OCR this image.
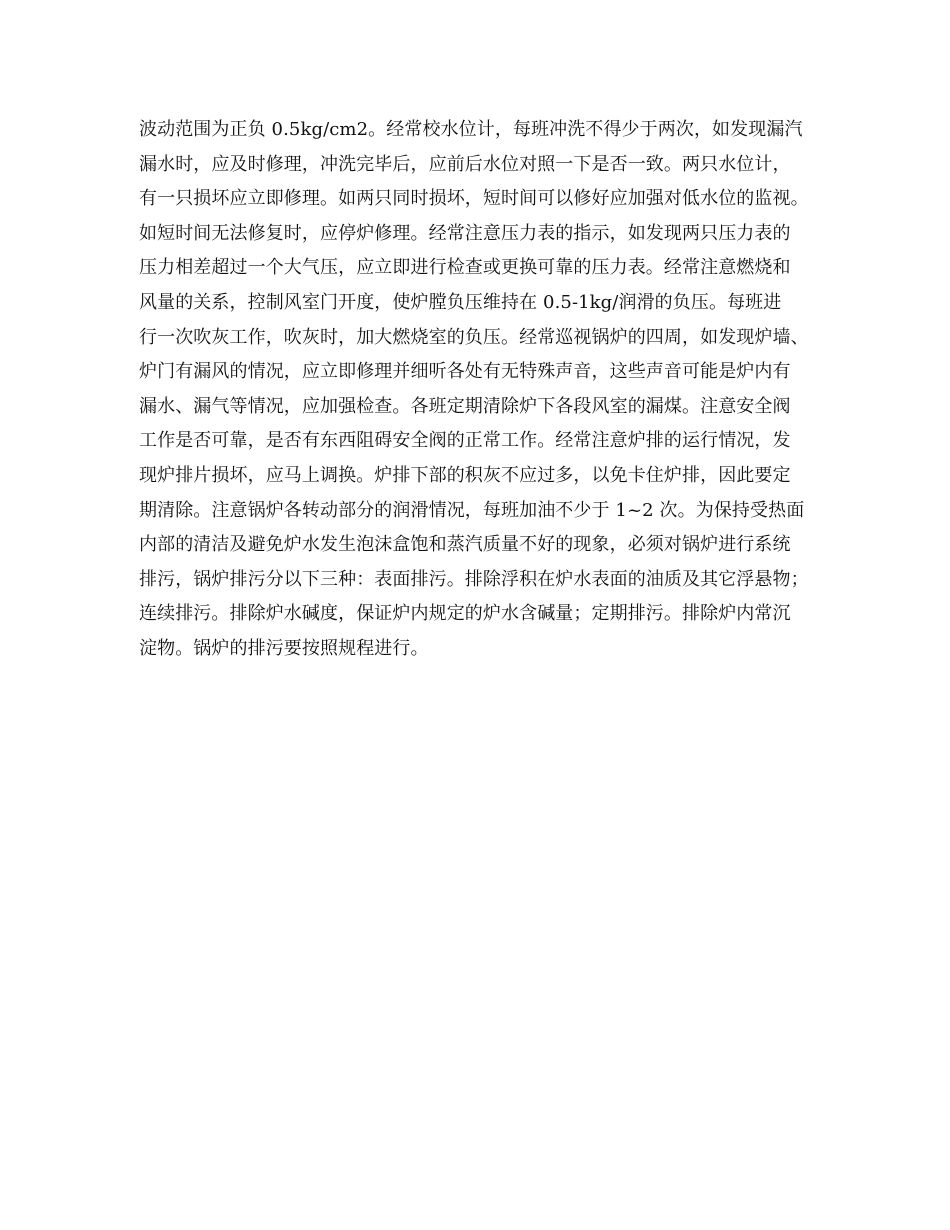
波动范围为正负 0.5kg/cm2。经常校水位计，每班冲洗不得少于两次，如发现漏汽
漏水时，应及时修理，冲洗完毕后，应前后水位对照一下是否一致。两只水位计，
有一只损坏应立即修理。如两只同时损坏，短时间可以修好应加强对低水位的监视。
如短时间无法修复时，应停炉修理。经常注意压力表的指示，如发现两只压力表的
压力相差超过一个大气压，应立即进行检查或更换可靠的压力表。经常注意燃烧和
风量的关系，控制风室门开度，使炉膛负压维持在 0.5-1kg/润滑的负压。每班进
行一次吹灰工作，吹灰时，加大燃烧室的负压。经常巡视锅炉的四周，如发现炉墙、
炉门有漏风的情况，应立即修理并细听各处有无特殊声音，这些声音可能是炉内有
漏水、漏气等情况，应加强检查。各班定期清除炉下各段风室的漏煤。注意安全阀
工作是否可靠，是否有东西阻碍安全阀的正常工作。经常注意炉排的运行情况，发
现炉排片损坏，应马上调换。炉排下部的积灰不应过多，以免卡住炉排，因此要定
期清除。注意锅炉各转动部分的润滑情况，每班加油不少于 1~2 次。为保持受热面
内部的清洁及避免炉水发生泡沫盒饱和蒸汽质量不好的现象，必须对锅炉进行系统
排污，锅炉排污分以下三种：表面排污。排除浮积在炉水表面的油质及其它浮悬物；
连续排污。排除炉水碱度，保证炉内规定的炉水含碱量；定期排污。排除炉内常沉
淀物。锅炉的排污要按照规程进行。
